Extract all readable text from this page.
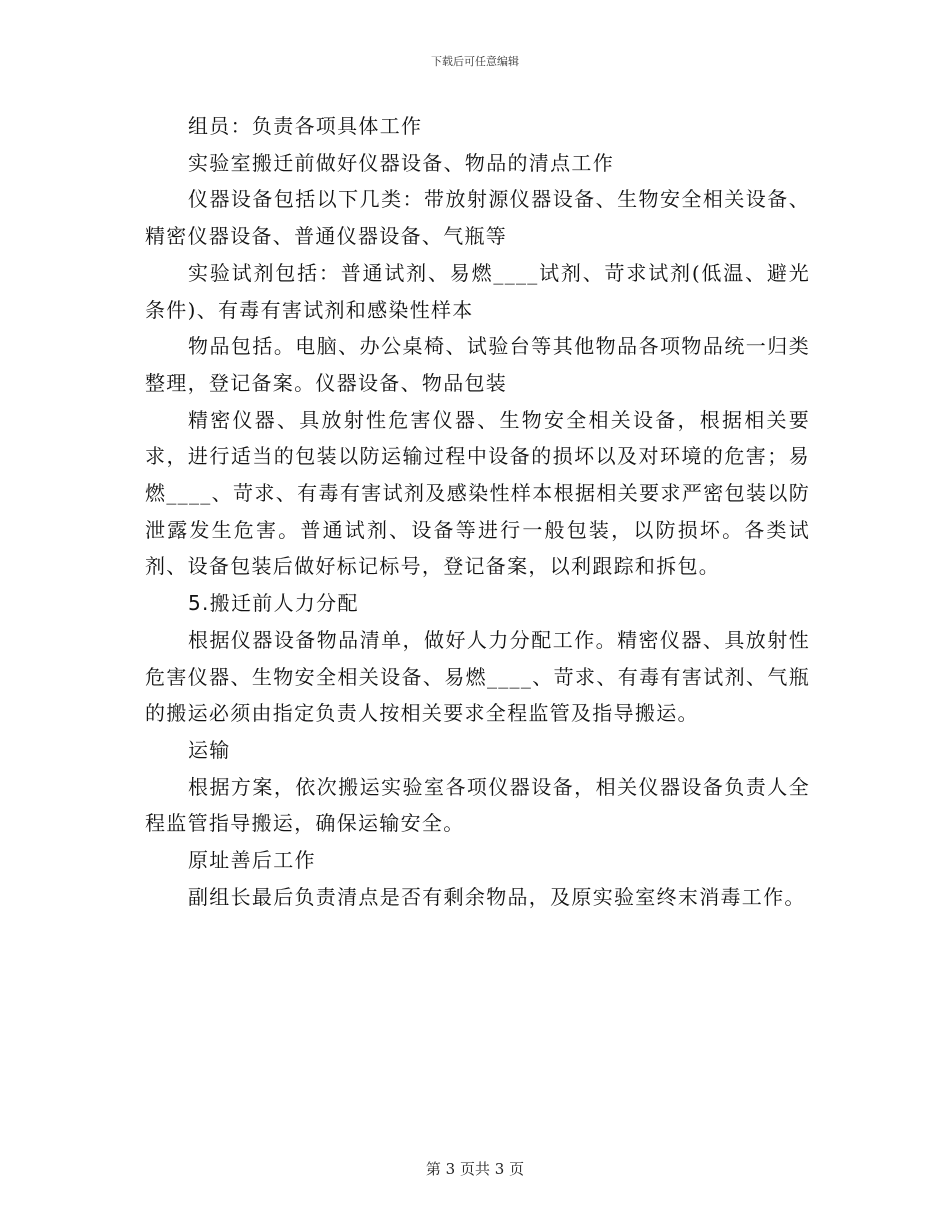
下载后可任意编辑

组员：负责各项具体工作

实验室搬迁前做好仪器设备、物品的清点工作

仪器设备包括以下几类：带放射源仪器设备、生物安全相关设备、精密仪器设备、普通仪器设备、气瓶等

实验试剂包括：普通试剂、易燃____试剂、苛求试剂(低温、避光条件)、有毒有害试剂和感染性样本

物品包括。电脑、办公桌椅、试验台等其他物品各项物品统一归类整理，登记备案。仪器设备、物品包装

精密仪器、具放射性危害仪器、生物安全相关设备，根据相关要求，进行适当的包装以防运输过程中设备的损坏以及对环境的危害；易燃____、苛求、有毒有害试剂及感染性样本根据相关要求严密包装以防泄露发生危害。普通试剂、设备等进行一般包装，以防损坏。各类试剂、设备包装后做好标记标号，登记备案，以利跟踪和拆包。

5.搬迁前人力分配

根据仪器设备物品清单，做好人力分配工作。精密仪器、具放射性危害仪器、生物安全相关设备、易燃____、苛求、有毒有害试剂、气瓶的搬运必须由指定负责人按相关要求全程监管及指导搬运。

运输

根据方案，依次搬运实验室各项仪器设备，相关仪器设备负责人全程监管指导搬运，确保运输安全。

原址善后工作

副组长最后负责清点是否有剩余物品，及原实验室终末消毒工作。

第 3 页共 3 页
